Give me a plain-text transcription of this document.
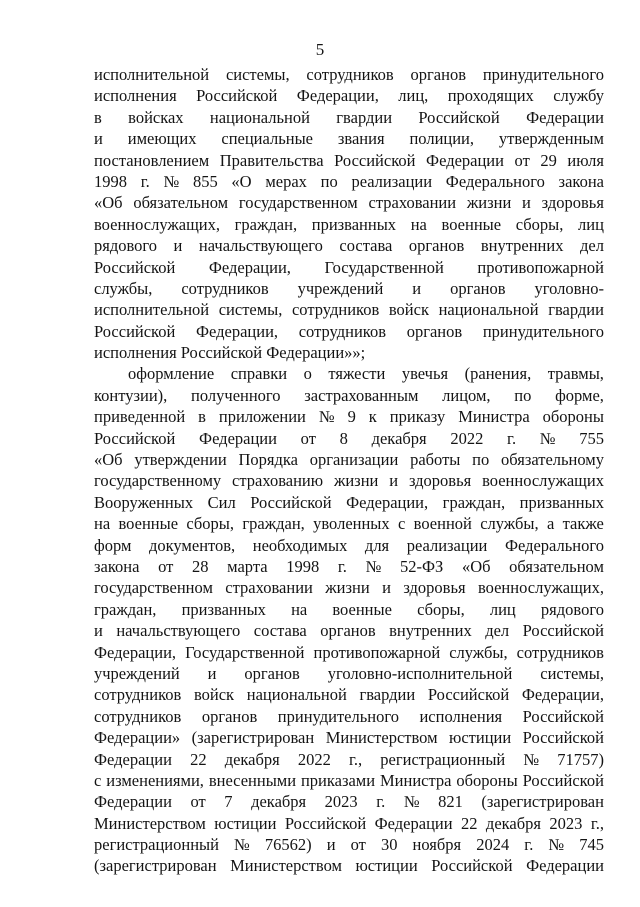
5
исполнительной системы, сотрудников органов принудительного
исполнения Российской Федерации, лиц, проходящих службу
в войсках национальной гвардии Российской Федерации
и имеющих специальные звания полиции, утвержденным
постановлением Правительства Российской Федерации от 29 июля
1998 г. № 855 «О мерах по реализации Федерального закона
«Об обязательном государственном страховании жизни и здоровья
военнослужащих, граждан, призванных на военные сборы, лиц
рядового и начальствующего состава органов внутренних дел
Российской Федерации, Государственной противопожарной
службы, сотрудников учреждений и органов уголовно-
исполнительной системы, сотрудников войск национальной гвардии
Российской Федерации, сотрудников органов принудительного
исполнения Российской Федерации»»;
оформление справки о тяжести увечья (ранения, травмы,
контузии), полученного застрахованным лицом, по форме,
приведенной в приложении № 9 к приказу Министра обороны
Российской Федерации от 8 декабря 2022 г. № 755
«Об утверждении Порядка организации работы по обязательному
государственному страхованию жизни и здоровья военнослужащих
Вооруженных Сил Российской Федерации, граждан, призванных
на военные сборы, граждан, уволенных с военной службы, а также
форм документов, необходимых для реализации Федерального
закона от 28 марта 1998 г. № 52-ФЗ «Об обязательном
государственном страховании жизни и здоровья военнослужащих,
граждан, призванных на военные сборы, лиц рядового
и начальствующего состава органов внутренних дел Российской
Федерации, Государственной противопожарной службы, сотрудников
учреждений и органов уголовно-исполнительной системы,
сотрудников войск национальной гвардии Российской Федерации,
сотрудников органов принудительного исполнения Российской
Федерации» (зарегистрирован Министерством юстиции Российской
Федерации 22 декабря 2022 г., регистрационный № 71757)
с изменениями, внесенными приказами Министра обороны Российской
Федерации от 7 декабря 2023 г. № 821 (зарегистрирован
Министерством юстиции Российской Федерации 22 декабря 2023 г.,
регистрационный № 76562) и от 30 ноября 2024 г. № 745
(зарегистрирован Министерством юстиции Российской Федерации
